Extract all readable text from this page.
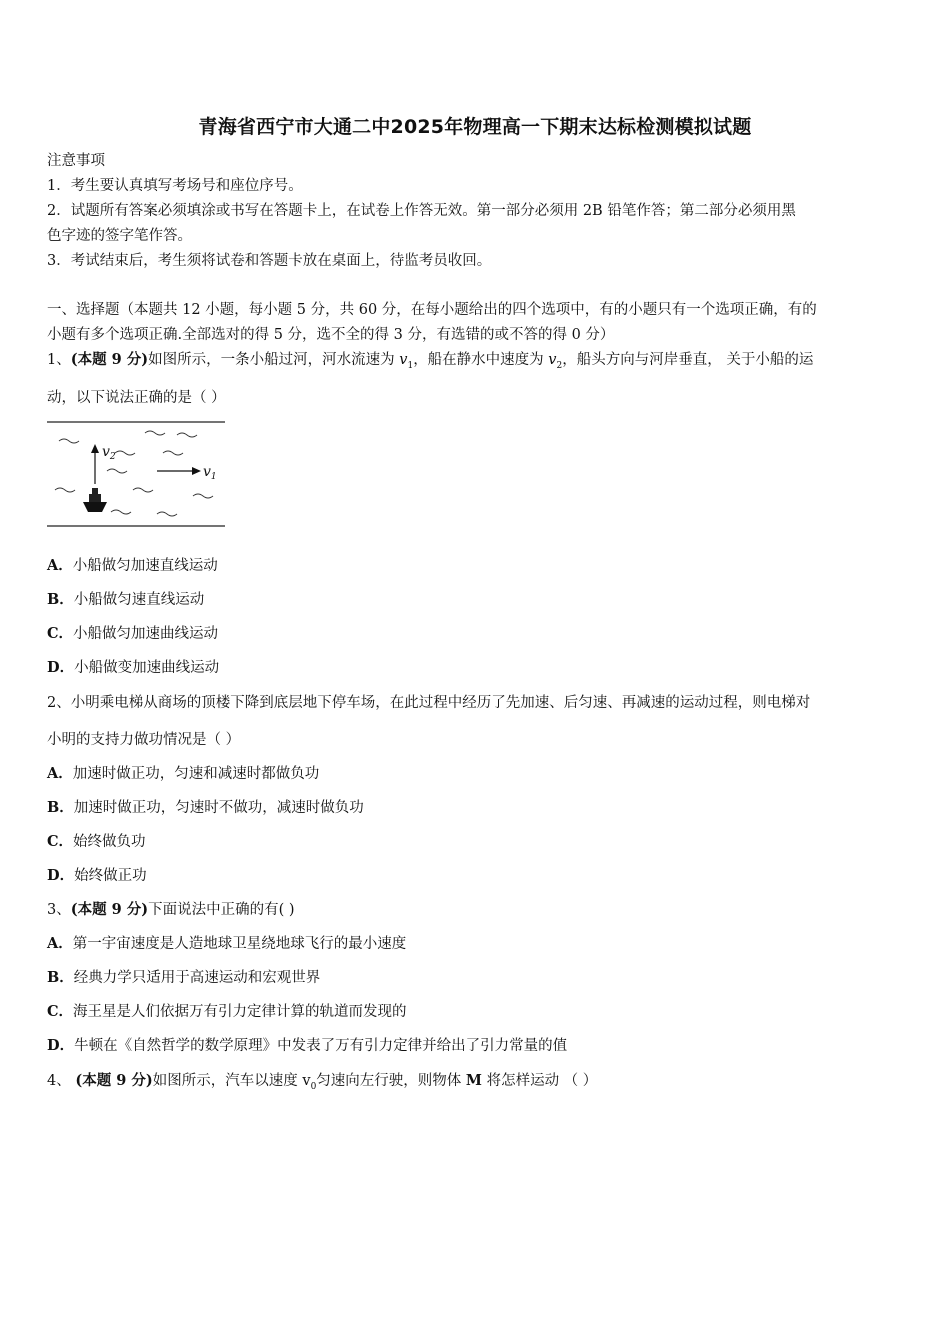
青海省西宁市大通二中2025年物理高一下期末达标检测模拟试题
注意事项
1．考生要认真填写考场号和座位序号。
2．试题所有答案必须填涂或书写在答题卡上，在试卷上作答无效。第一部分必须用 2B 铅笔作答；第二部分必须用黑
色字迹的签字笔作答。
3．考试结束后，考生须将试卷和答题卡放在桌面上，待监考员收回。
一、选择题（本题共 12 小题，每小题 5 分，共 60 分，在每小题给出的四个选项中，有的小题只有一个选项正确，有的
小题有多个选项正确.全部选对的得 5 分，选不全的得 3 分，有选错的或不答的得 0 分）
1、(本题 9 分)如图所示，一条小船过河，河水流速为 $v_1$，船在静水中速度为 $v_2$，船头方向与河岸垂直， 关于小船的运
动，以下说法正确的是（ ）
$v_2$
$v_1$
A．小船做匀加速直线运动
B．小船做匀速直线运动
C．小船做匀加速曲线运动
D．小船做变加速曲线运动
2、小明乘电梯从商场的顶楼下降到底层地下停车场，在此过程中经历了先加速、后匀速、再减速的运动过程，则电梯对
小明的支持力做功情况是（ ）
A．加速时做正功，匀速和减速时都做负功
B．加速时做正功，匀速时不做功，减速时做负功
C．始终做负功
D．始终做正功
3、(本题 9 分)下面说法中正确的有( )
A．第一宇宙速度是人造地球卫星绕地球飞行的最小速度
B．经典力学只适用于高速运动和宏观世界
C．海王星是人们依据万有引力定律计算的轨道而发现的
D．牛顿在《自然哲学的数学原理》中发表了万有引力定律并给出了引力常量的值
4、 (本题 9 分)如图所示，汽车以速度 $v_0$匀速向左行驶，则物体 M 将怎样运动 （ ）
